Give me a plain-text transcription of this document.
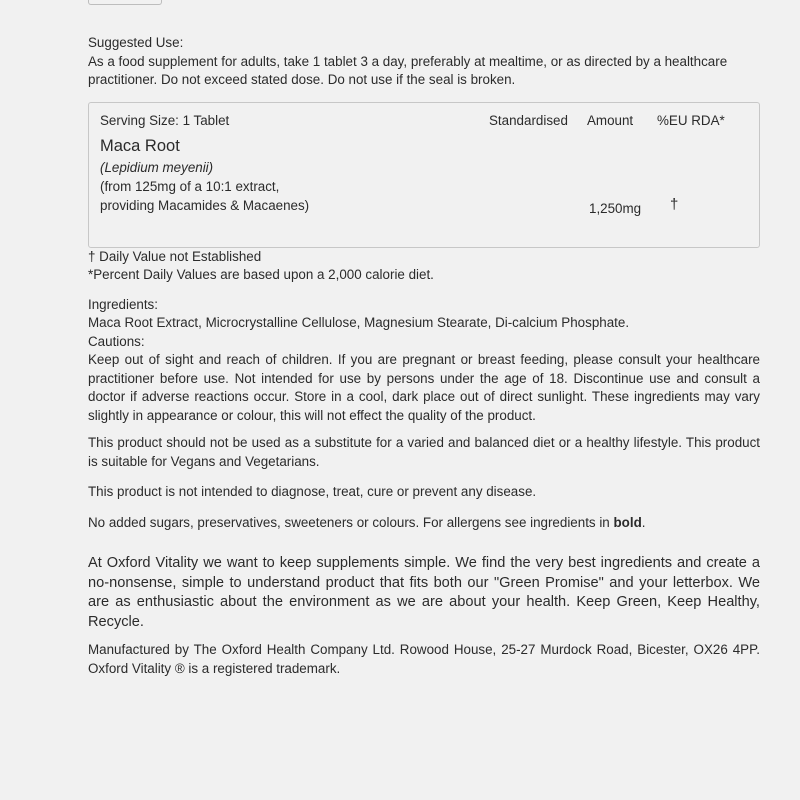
Suggested Use:

As a food supplement for adults, take 1 tablet 3 a day, preferably at mealtime, or as directed by a healthcare practitioner. Do not exceed stated dose. Do not use if the seal is broken.

Serving Size: 1 Tablet	Standardised Amount %EU RDA*
Maca Root
(Lepidium meyenii)
(from 125mg of a 10:1 extract,
providing Macamides & Macaenes)	1,250mg †

† Daily Value not Established

*Percent Daily Values are based upon a 2,000 calorie diet.

Ingredients:

Maca Root Extract, Microcrystalline Cellulose, Magnesium Stearate, Di-calcium Phosphate.

Cautions:

Keep out of sight and reach of children. If you are pregnant or breast feeding, please consult your healthcare practitioner before use. Not intended for use by persons under the age of 18. Discontinue use and consult a doctor if adverse reactions occur. Store in a cool, dark place out of direct sunlight. These ingredients may vary slightly in appearance or colour, this will not effect the quality of the product.

This product should not be used as a substitute for a varied and balanced diet or a healthy lifestyle. This product is suitable for Vegans and Vegetarians.

This product is not intended to diagnose, treat, cure or prevent any disease.

No added sugars, preservatives, sweeteners or colours. For allergens see ingredients in bold.

At Oxford Vitality we want to keep supplements simple. We find the very best ingredients and create a no-nonsense, simple to understand product that fits both our "Green Promise" and your letterbox. We are as enthusiastic about the environment as we are about your health. Keep Green, Keep Healthy, Recycle.

Manufactured by The Oxford Health Company Ltd. Rowood House, 25-27 Murdock Road, Bicester, OX26 4PP. Oxford Vitality ® is a registered trademark.
